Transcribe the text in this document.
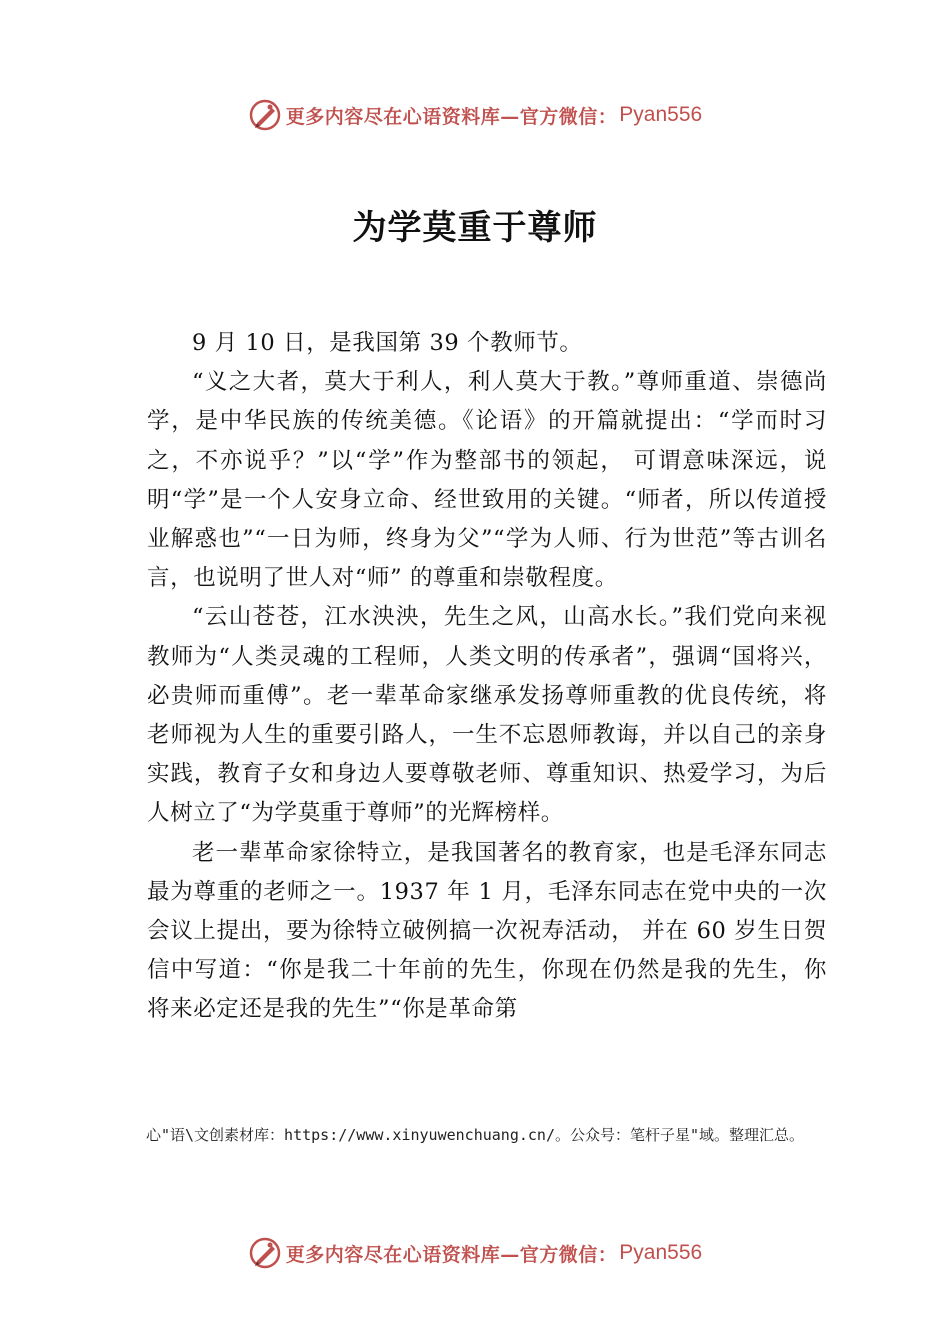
更多内容尽在心语资料库—官方微信： Pyan556
为学莫重于尊师

9 月 10 日，是我国第 39 个教师节。

“义之大者，莫大于利人，利人莫大于教。”尊师重道、崇德尚学，是中华民族的传统美德。《论语》的开篇就提出：“学而时习之，不亦说乎？”以“学”作为整部书的领起， 可谓意味深远，说明“学”是一个人安身立命、经世致用的关键。“师者，所以传道授业解惑也”“一日为师，终身为父”“学为人师、行为世范”等古训名言，也说明了世人对“师” 的尊重和崇敬程度。

“云山苍苍，江水泱泱，先生之风，山高水长。”我们党向来视教师为“人类灵魂的工程师，人类文明的传承者”，强调“国将兴，必贵师而重傅”。老一辈革命家继承发扬尊师重教的优良传统，将老师视为人生的重要引路人，一生不忘恩师教诲，并以自己的亲身实践，教育子女和身边人要尊敬老师、尊重知识、热爱学习，为后人树立了“为学莫重于尊师”的光辉榜样。

老一辈革命家徐特立，是我国著名的教育家，也是毛泽东同志最为尊重的老师之一。1937 年 1 月，毛泽东同志在党中央的一次会议上提出，要为徐特立破例搞一次祝寿活动， 并在 60 岁生日贺信中写道：“你是我二十年前的先生，你现在仍然是我的先生，你将来必定还是我的先生”“你是革命第

心"语\文创素材库：https://www.xinyuwenchuang.cn/。公众号：笔杆子星"域。整理汇总。
更多内容尽在心语资料库—官方微信： Pyan556
